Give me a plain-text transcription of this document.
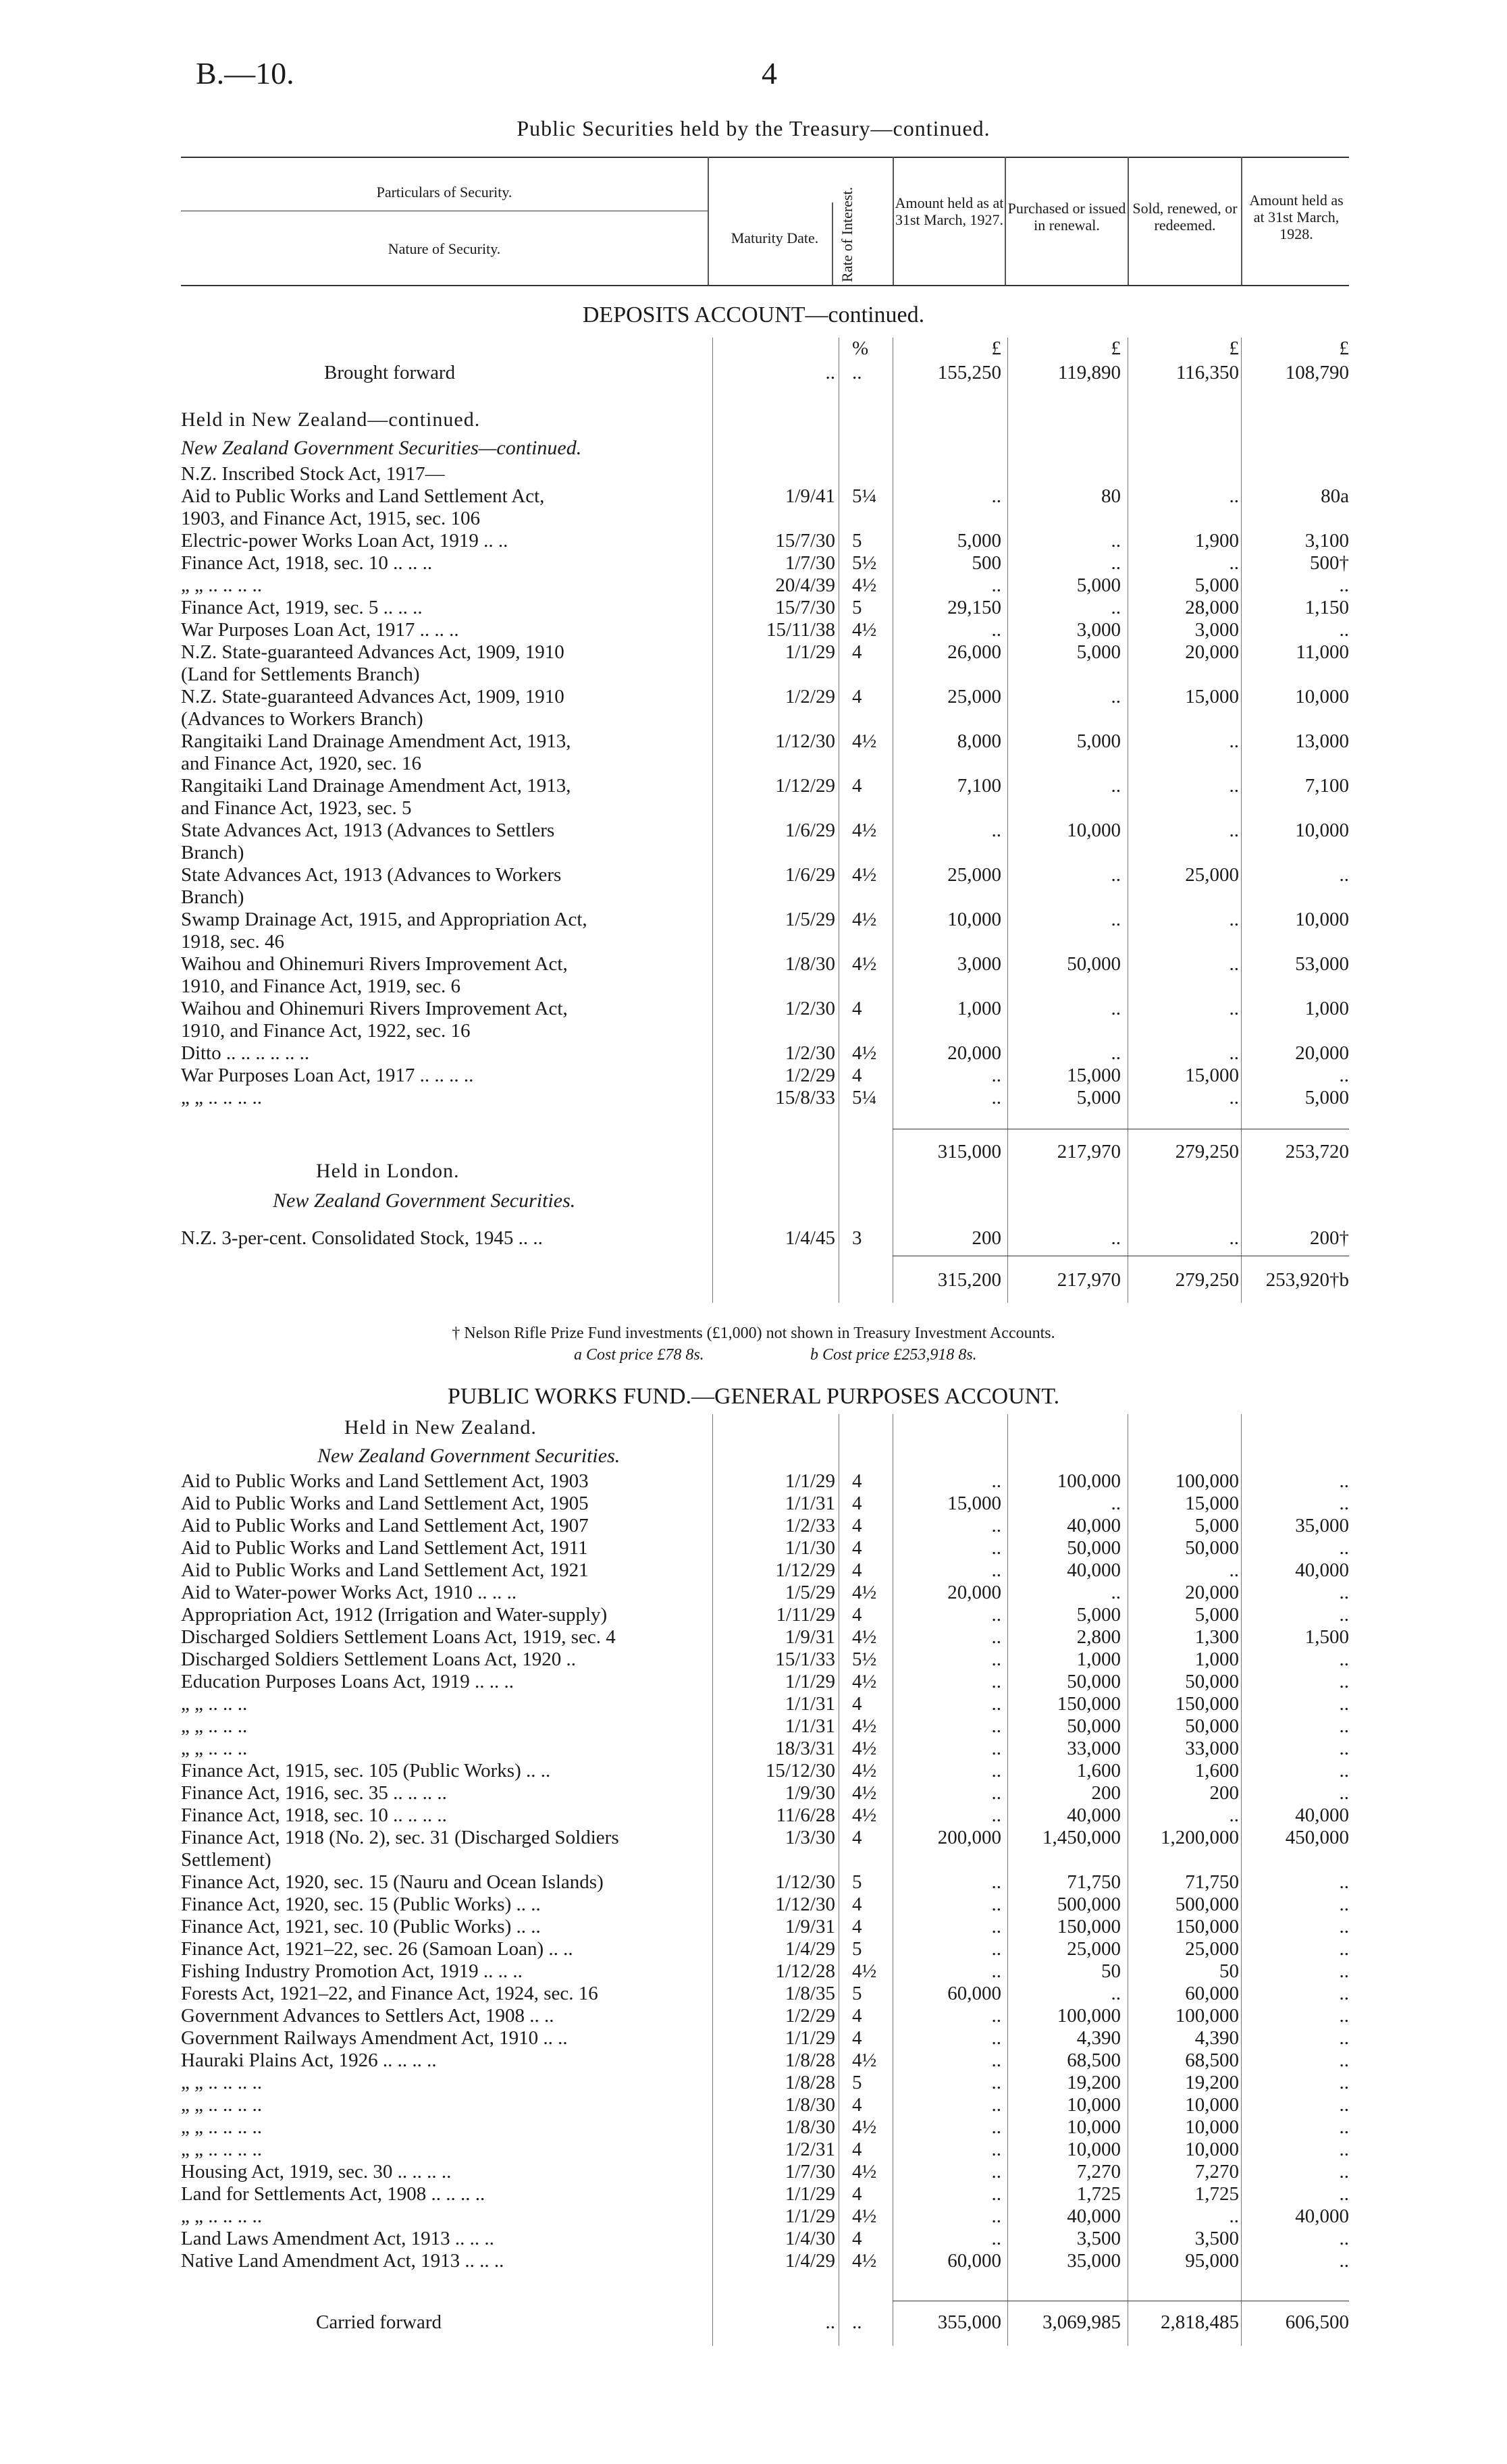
B.—10.	4
Public Securities held by the Treasury—continued.
Particulars of Security.
Nature of Security.
Maturity Date.	Rate of Interest.	Amount held as at 31st March, 1927.
Purchased or issued in renewal.
Sold, renewed, or redeemed.
Amount held as at 31st March, 1928.
DEPOSITS ACCOUNT—continued.
%	£	£	£	£
Brought forward	.. ..	155,250	119,890	116,350	108,790
Held in New Zealand—continued.
New Zealand Government Securities—continued.
N.Z. Inscribed Stock Act, 1917—
Aid to Public Works and Land Settlement Act,	1/9/41 5¼	..	80	..	80a
1903, and Finance Act, 1915, sec. 106
Electric-power Works Loan Act, 1919 .. ..	15/7/30 5	5,000	..	1,900	3,100
Finance Act, 1918, sec. 10 .. .. ..	1/7/30 5½	500	..	..	500†
„ „ .. .. .. ..	20/4/39 4½	..	5,000	5,000	..
Finance Act, 1919, sec. 5 .. .. ..	15/7/30 5	29,150	..	28,000	1,150
War Purposes Loan Act, 1917 .. .. ..	15/11/38 4½	..	3,000	3,000	..
N.Z. State-guaranteed Advances Act, 1909, 1910	1/1/29 4	26,000	5,000	20,000	11,000
(Land for Settlements Branch)
N.Z. State-guaranteed Advances Act, 1909, 1910	1/2/29 4	25,000	..	15,000	10,000
(Advances to Workers Branch)
Rangitaiki Land Drainage Amendment Act, 1913,	1/12/30 4½	8,000	5,000	..	13,000
and Finance Act, 1920, sec. 16
Rangitaiki Land Drainage Amendment Act, 1913,	1/12/29 4	7,100	..	..	7,100
and Finance Act, 1923, sec. 5
State Advances Act, 1913 (Advances to Settlers	1/6/29 4½	..	10,000	..	10,000
Branch)
State Advances Act, 1913 (Advances to Workers	1/6/29 4½	25,000	..	25,000	..
Branch)
Swamp Drainage Act, 1915, and Appropriation Act,	1/5/29 4½	10,000	..	..	10,000
1918, sec. 46
Waihou and Ohinemuri Rivers Improvement Act,	1/8/30 4½	3,000	50,000	..	53,000
1910, and Finance Act, 1919, sec. 6
Waihou and Ohinemuri Rivers Improvement Act,	1/2/30 4	1,000	..	..	1,000
1910, and Finance Act, 1922, sec. 16
Ditto .. .. .. .. .. ..	1/2/30 4½	20,000	..	..	20,000
War Purposes Loan Act, 1917 .. .. .. ..	1/2/29 4	..	15,000	15,000	..
„ „ .. .. .. ..	15/8/33 5¼	..	5,000	..	5,000
315,000	217,970	279,250	253,720
Held in London.
New Zealand Government Securities.
N.Z. 3-per-cent. Consolidated Stock, 1945 .. ..	1/4/45 3	200	..	..	200†
315,200	217,970	279,250	253,920†b
† Nelson Rifle Prize Fund investments (£1,000) not shown in Treasury Investment Accounts.
a Cost price £78 8s.	b Cost price £253,918 8s.
PUBLIC WORKS FUND.—GENERAL PURPOSES ACCOUNT.
Held in New Zealand.
New Zealand Government Securities.
Aid to Public Works and Land Settlement Act, 1903	1/1/29 4	..	100,000	100,000	..
Aid to Public Works and Land Settlement Act, 1905	1/1/31 4	15,000	..	15,000	..
Aid to Public Works and Land Settlement Act, 1907	1/2/33 4	..	40,000	5,000	35,000
Aid to Public Works and Land Settlement Act, 1911	1/1/30 4	..	50,000	50,000	..
Aid to Public Works and Land Settlement Act, 1921	1/12/29 4	..	40,000	..	40,000
Aid to Water-power Works Act, 1910 .. .. ..	1/5/29 4½	20,000	..	20,000	..
Appropriation Act, 1912 (Irrigation and Water-supply)	1/11/29 4	..	5,000	5,000	..
Discharged Soldiers Settlement Loans Act, 1919, sec. 4	1/9/31 4½	..	2,800	1,300	1,500
Discharged Soldiers Settlement Loans Act, 1920 ..	15/1/33 5½	..	1,000	1,000	..
Education Purposes Loans Act, 1919 .. .. ..	1/1/29 4½	..	50,000	50,000	..
„ „ .. .. ..	1/1/31 4	..	150,000	150,000	..
„ „ .. .. ..	1/1/31 4½	..	50,000	50,000	..
„ „ .. .. ..	18/3/31 4½	..	33,000	33,000	..
Finance Act, 1915, sec. 105 (Public Works) .. ..	15/12/30 4½	..	1,600	1,600	..
Finance Act, 1916, sec. 35 .. .. .. ..	1/9/30 4½	..	200	200	..
Finance Act, 1918, sec. 10 .. .. .. ..	11/6/28 4½	..	40,000	..	40,000
Finance Act, 1918 (No. 2), sec. 31 (Discharged Soldiers	1/3/30 4	200,000	1,450,000	1,200,000	450,000
Settlement)
Finance Act, 1920, sec. 15 (Nauru and Ocean Islands)	1/12/30 5	..	71,750	71,750	..
Finance Act, 1920, sec. 15 (Public Works) .. ..	1/12/30 4	..	500,000	500,000	..
Finance Act, 1921, sec. 10 (Public Works) .. ..	1/9/31 4	..	150,000	150,000	..
Finance Act, 1921–22, sec. 26 (Samoan Loan) .. ..	1/4/29 5	..	25,000	25,000	..
Fishing Industry Promotion Act, 1919 .. .. ..	1/12/28 4½	..	50	50	..
Forests Act, 1921–22, and Finance Act, 1924, sec. 16	1/8/35 5	60,000	..	60,000	..
Government Advances to Settlers Act, 1908 .. ..	1/2/29 4	..	100,000	100,000	..
Government Railways Amendment Act, 1910 .. ..	1/1/29 4	..	4,390	4,390	..
Hauraki Plains Act, 1926 .. .. .. ..	1/8/28 4½	..	68,500	68,500	..
„ „ .. .. .. ..	1/8/28 5	..	19,200	19,200	..
„ „ .. .. .. ..	1/8/30 4	..	10,000	10,000	..
„ „ .. .. .. ..	1/8/30 4½	..	10,000	10,000	..
„ „ .. .. .. ..	1/2/31 4	..	10,000	10,000	..
Housing Act, 1919, sec. 30 .. .. .. ..	1/7/30 4½	..	7,270	7,270	..
Land for Settlements Act, 1908 .. .. .. ..	1/1/29 4	..	1,725	1,725	..
„ „ .. .. .. ..	1/1/29 4½	..	40,000	..	40,000
Land Laws Amendment Act, 1913 .. .. ..	1/4/30 4	..	3,500	3,500	..
Native Land Amendment Act, 1913 .. .. ..	1/4/29 4½	60,000	35,000	95,000	..
Carried forward	.. ..	355,000	3,069,985	2,818,485	606,500
